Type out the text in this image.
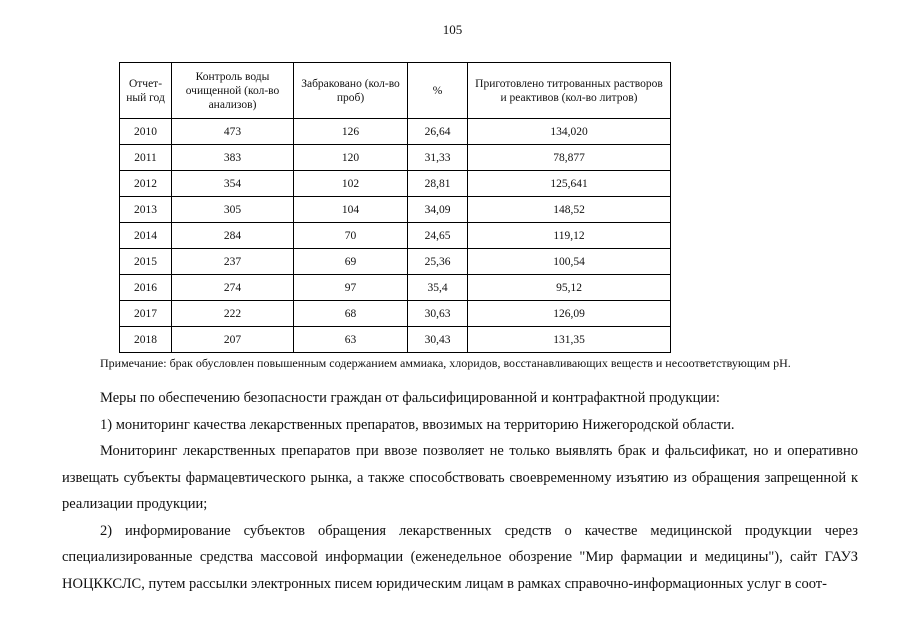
105
Отчет-ный год	Контроль воды очищенной (кол-во анализов)	Забраковано (кол-во проб)	%	Приготовлено титрованных растворов и реактивов (кол-во литров)
2010	473	126	26,64	134,020
2011	383	120	31,33	78,877
2012	354	102	28,81	125,641
2013	305	104	34,09	148,52
2014	284	70	24,65	119,12
2015	237	69	25,36	100,54
2016	274	97	35,4	95,12
2017	222	68	30,63	126,09
2018	207	63	30,43	131,35
Примечание: брак обусловлен повышенным содержанием аммиака, хлоридов, восстанавливающих веществ и несоответствующим pH.

Меры по обеспечению безопасности граждан от фальсифицированной и контрафактной продукции:

1) мониторинг качества лекарственных препаратов, ввозимых на территорию Нижегородской области.

Мониторинг лекарственных препаратов при ввозе позволяет не только выявлять брак и фальсификат, но и оперативно извещать субъекты фармацевтического рынка, а также способствовать своевременному изъятию из обращения запрещенной к реализации продукции;

2) информирование субъектов обращения лекарственных средств о качестве медицинской продукции через специализированные средства массовой информации (еженедельное обозрение "Мир фармации и медицины"), сайт ГАУЗ НОЦККСЛС, путем рассылки электронных писем юридическим лицам в рамках справочно-информационных услуг в соот-
